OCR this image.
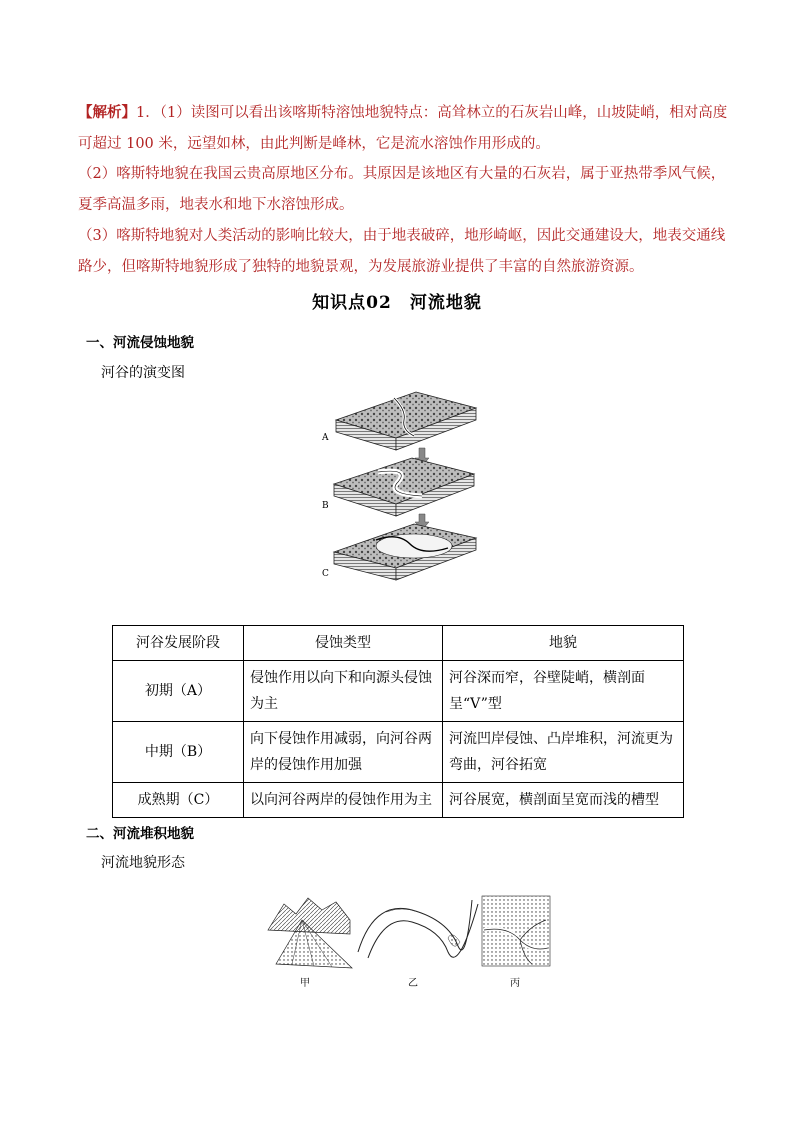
【解析】1．（1）读图可以看出该喀斯特溶蚀地貌特点：高耸林立的石灰岩山峰，山坡陡峭，相对高度可超过 100 米，远望如林，由此判断是峰林，它是流水溶蚀作用形成的。
（2）喀斯特地貌在我国云贵高原地区分布。其原因是该地区有大量的石灰岩，属于亚热带季风气候，夏季高温多雨，地表水和地下水溶蚀形成。
（3）喀斯特地貌对人类活动的影响比较大，由于地表破碎，地形崎岖，因此交通建设大，地表交通线路少，但喀斯特地貌形成了独特的地貌景观，为发展旅游业提供了丰富的自然旅游资源。
知识点02　河流地貌
一、河流侵蚀地貌
河谷的演变图
A
B
C
河谷发展阶段	侵蚀类型	地貌
初期（A）	侵蚀作用以向下和向源头侵蚀为主	河谷深而窄，谷壁陡峭，横剖面呈“V”型
中期（B）	向下侵蚀作用减弱，向河谷两岸的侵蚀作用加强	河流凹岸侵蚀、凸岸堆积，河流更为弯曲，河谷拓宽
成熟期（C）	以向河谷两岸的侵蚀作用为主	河谷展宽，横剖面呈宽而浅的槽型
二、河流堆积地貌
河流地貌形态
甲	乙	丙
